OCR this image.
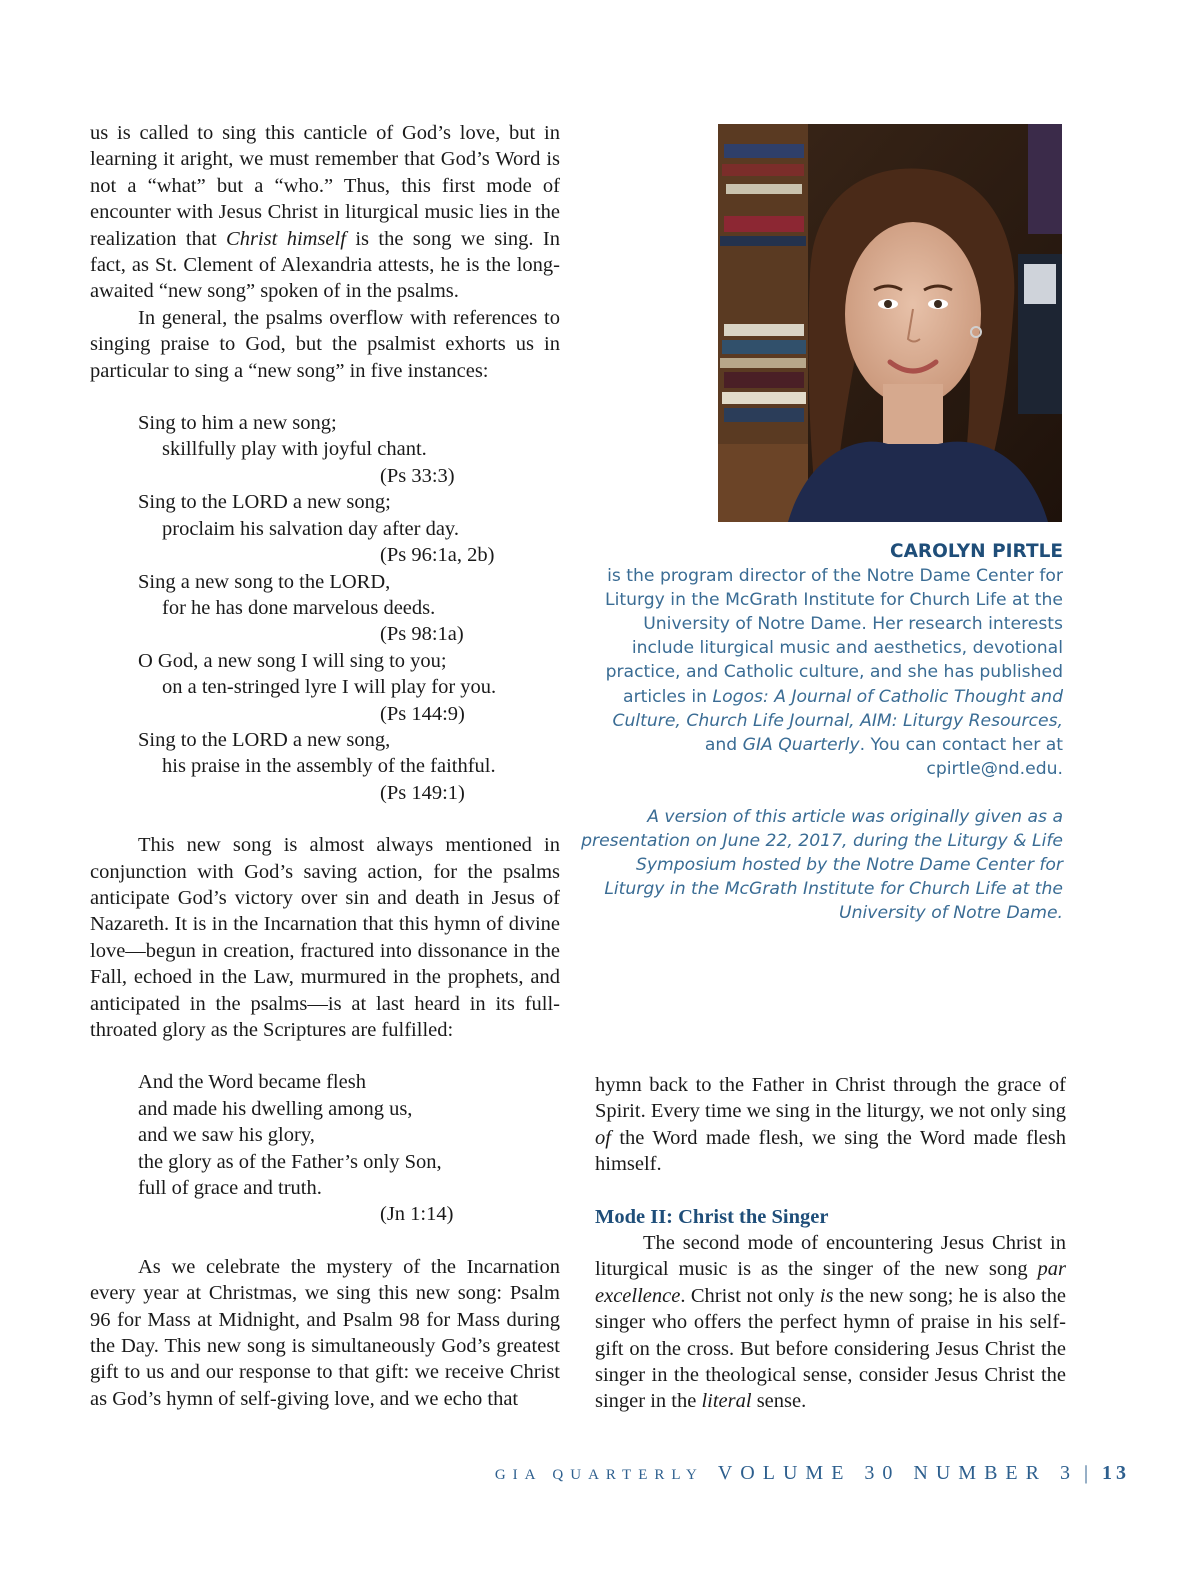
us is called to sing this canticle of God’s love, but in learning it aright, we must remember that God’s Word is not a “what” but a “who.” Thus, this first mode of encounter with Jesus Christ in liturgical music lies in the realization that Christ himself is the song we sing. In fact, as St. Clement of Alexandria attests, he is the long-awaited “new song” spoken of in the psalms.

In general, the psalms overflow with references to singing praise to God, but the psalmist exhorts us in particular to sing a “new song” in five instances:

Sing to him a new song;
skillfully play with joyful chant.
(Ps 33:3)
Sing to the LORD a new song;
proclaim his salvation day after day.
(Ps 96:1a, 2b)
Sing a new song to the LORD,
for he has done marvelous deeds.
(Ps 98:1a)
O God, a new song I will sing to you;
on a ten-stringed lyre I will play for you.
(Ps 144:9)
Sing to the LORD a new song,
his praise in the assembly of the faithful.
(Ps 149:1)

This new song is almost always mentioned in conjunction with God’s saving action, for the psalms anticipate God’s victory over sin and death in Jesus of Nazareth. It is in the Incarnation that this hymn of divine love—begun in creation, fractured into dissonance in the Fall, echoed in the Law, murmured in the prophets, and anticipated in the psalms—is at last heard in its full-throated glory as the Scriptures are fulfilled:

And the Word became flesh
and made his dwelling among us,
and we saw his glory,
the glory as of the Father’s only Son,
full of grace and truth.
(Jn 1:14)

As we celebrate the mystery of the Incarnation every year at Christmas, we sing this new song: Psalm 96 for Mass at Midnight, and Psalm 98 for Mass during the Day. This new song is simultaneously God’s greatest gift to us and our response to that gift: we receive Christ as God’s hymn of self-giving love, and we echo that

CAROLYN PIRTLE

is the program director of the Notre Dame Center for Liturgy in the McGrath Institute for Church Life at the University of Notre Dame. Her research interests include liturgical music and aesthetics, devotional practice, and Catholic culture, and she has published articles in Logos: A Journal of Catholic Thought and Culture, Church Life Journal, AIM: Liturgy Resources, and GIA Quarterly. You can contact her at cpirtle@nd.edu.

A version of this article was originally given as a presentation on June 22, 2017, during the Liturgy & Life Symposium hosted by the Notre Dame Center for Liturgy in the McGrath Institute for Church Life at the University of Notre Dame.

hymn back to the Father in Christ through the grace of Spirit. Every time we sing in the liturgy, we not only sing of the Word made flesh, we sing the Word made flesh himself.

Mode II: Christ the Singer

The second mode of encountering Jesus Christ in liturgical music is as the singer of the new song par excellence. Christ not only is the new song; he is also the singer who offers the perfect hymn of praise in his self-gift on the cross. But before considering Jesus Christ the singer in the theological sense, consider Jesus Christ the singer in the literal sense.

GIA QUARTERLY VOLUME 30 NUMBER 3 | 13
